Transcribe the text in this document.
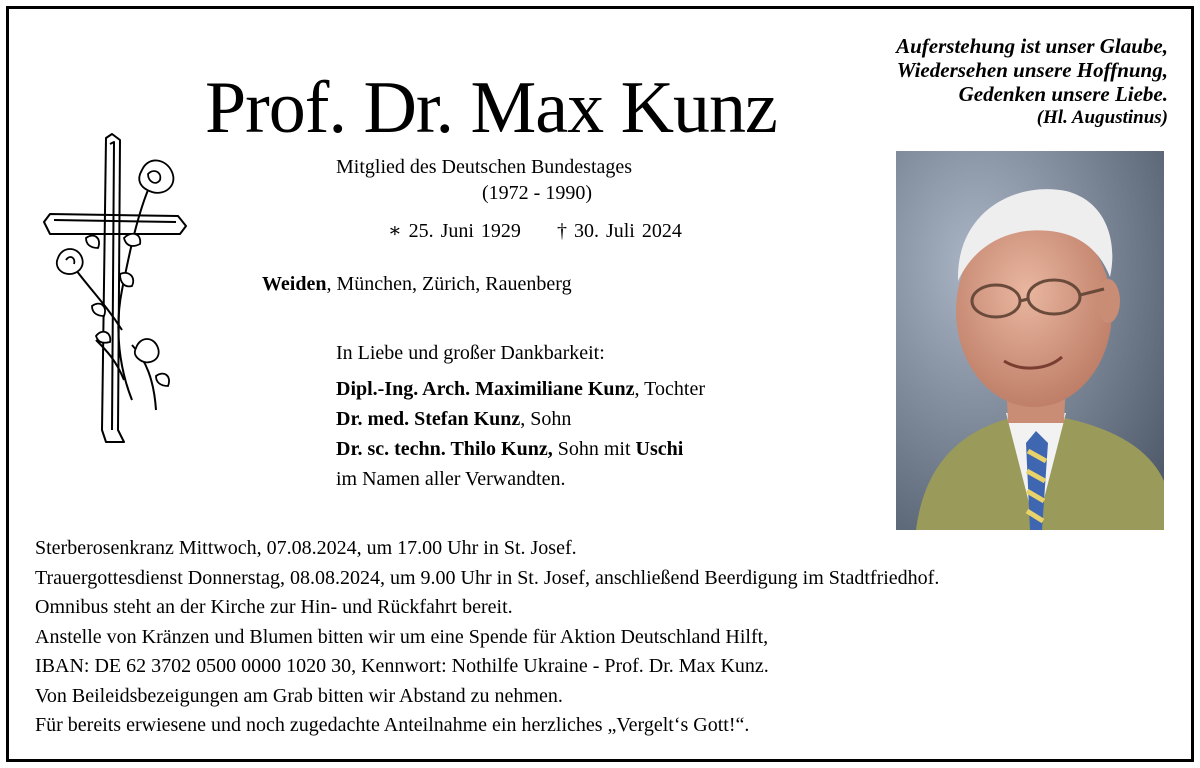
Auferstehung ist unser Glaube,
Wiedersehen unsere Hoffnung,
Gedenken unsere Liebe.
(Hl. Augustinus)
Prof. Dr. Max Kunz
Mitglied des Deutschen Bundestages
(1972 - 1990)
∗ 25. Juni 1929 † 30. Juli 2024
Weiden, München, Zürich, Rauenberg
In Liebe und großer Dankbarkeit:
Dipl.-Ing. Arch. Maximiliane Kunz, Tochter
Dr. med. Stefan Kunz, Sohn
Dr. sc. techn. Thilo Kunz, Sohn mit Uschi
im Namen aller Verwandten.
Sterberosenkranz Mittwoch, 07.08.2024, um 17.00 Uhr in St. Josef.
Trauergottesdienst Donnerstag, 08.08.2024, um 9.00 Uhr in St. Josef, anschließend Beerdigung im Stadtfriedhof.
Omnibus steht an der Kirche zur Hin- und Rückfahrt bereit.
Anstelle von Kränzen und Blumen bitten wir um eine Spende für Aktion Deutschland Hilft,
IBAN: DE 62 3702 0500 0000 1020 30, Kennwort: Nothilfe Ukraine - Prof. Dr. Max Kunz.
Von Beileidsbezeigungen am Grab bitten wir Abstand zu nehmen.
Für bereits erwiesene und noch zugedachte Anteilnahme ein herzliches „Vergelt‘s Gott!“.
